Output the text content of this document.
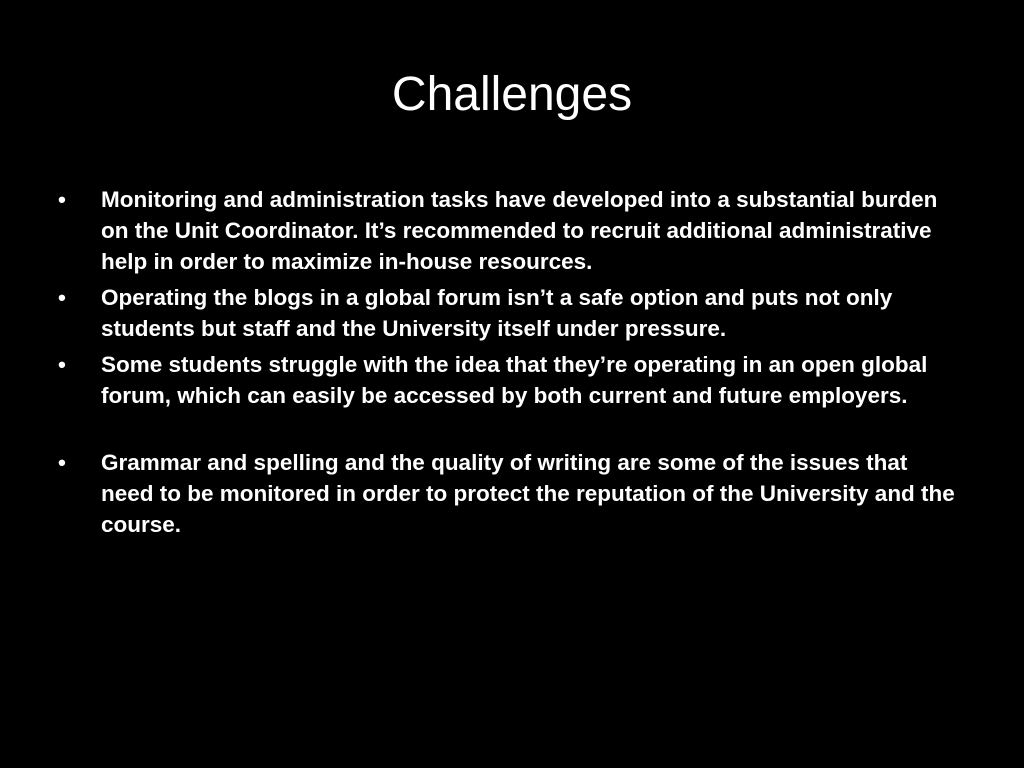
Challenges
•	Monitoring and administration tasks have developed into a substantial burden on the Unit Coordinator. It’s recommended to recruit additional administrative help in order to maximize in-house resources.
•	Operating the blogs in a global forum isn’t a safe option and puts not only students but staff and the University itself under pressure.
•	Some students struggle with the idea that they’re operating in an open global forum, which can easily be accessed by both current and future employers.
•	Grammar and spelling and the quality of writing are some of the issues that need to be monitored in order to protect the reputation of the University and the course.
